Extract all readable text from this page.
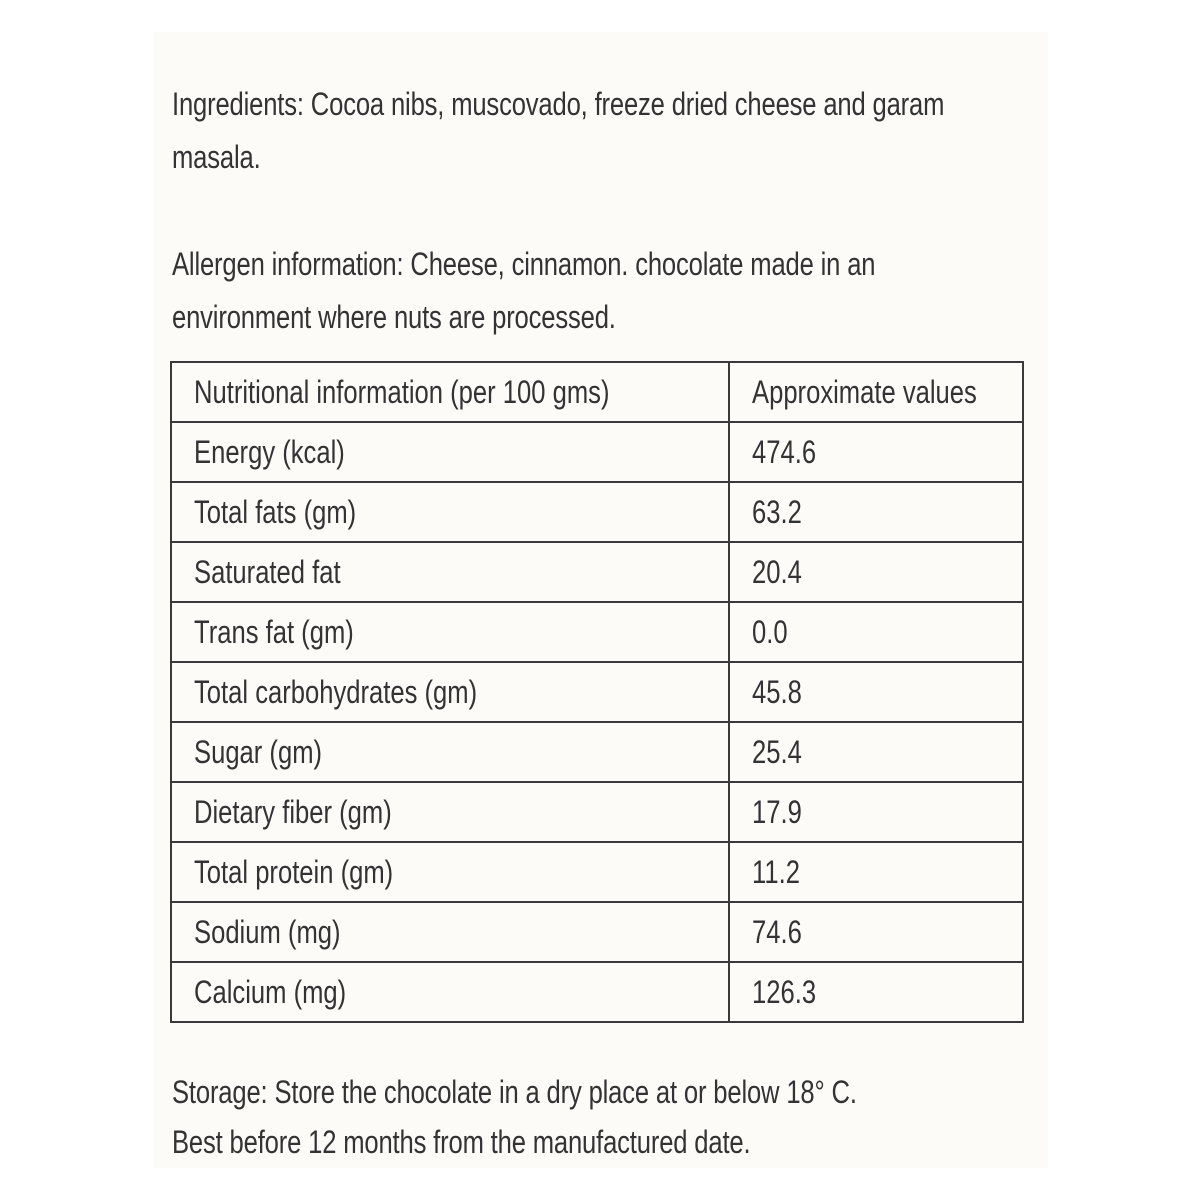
Ingredients: Cocoa nibs, muscovado, freeze dried cheese and garam
masala.
Allergen information: Cheese, cinnamon. chocolate made in an
environment where nuts are processed.
Nutritional information (per 100 gms)	Approximate values
Energy (kcal)	474.6
Total fats (gm)	63.2
Saturated fat	20.4
Trans fat (gm)	0.0
Total carbohydrates (gm)	45.8
Sugar (gm)	25.4
Dietary fiber (gm)	17.9
Total protein (gm)	11.2
Sodium (mg)	74.6
Calcium (mg)	126.3
Storage: Store the chocolate in a dry place at or below 18° C.
Best before 12 months from the manufactured date.
